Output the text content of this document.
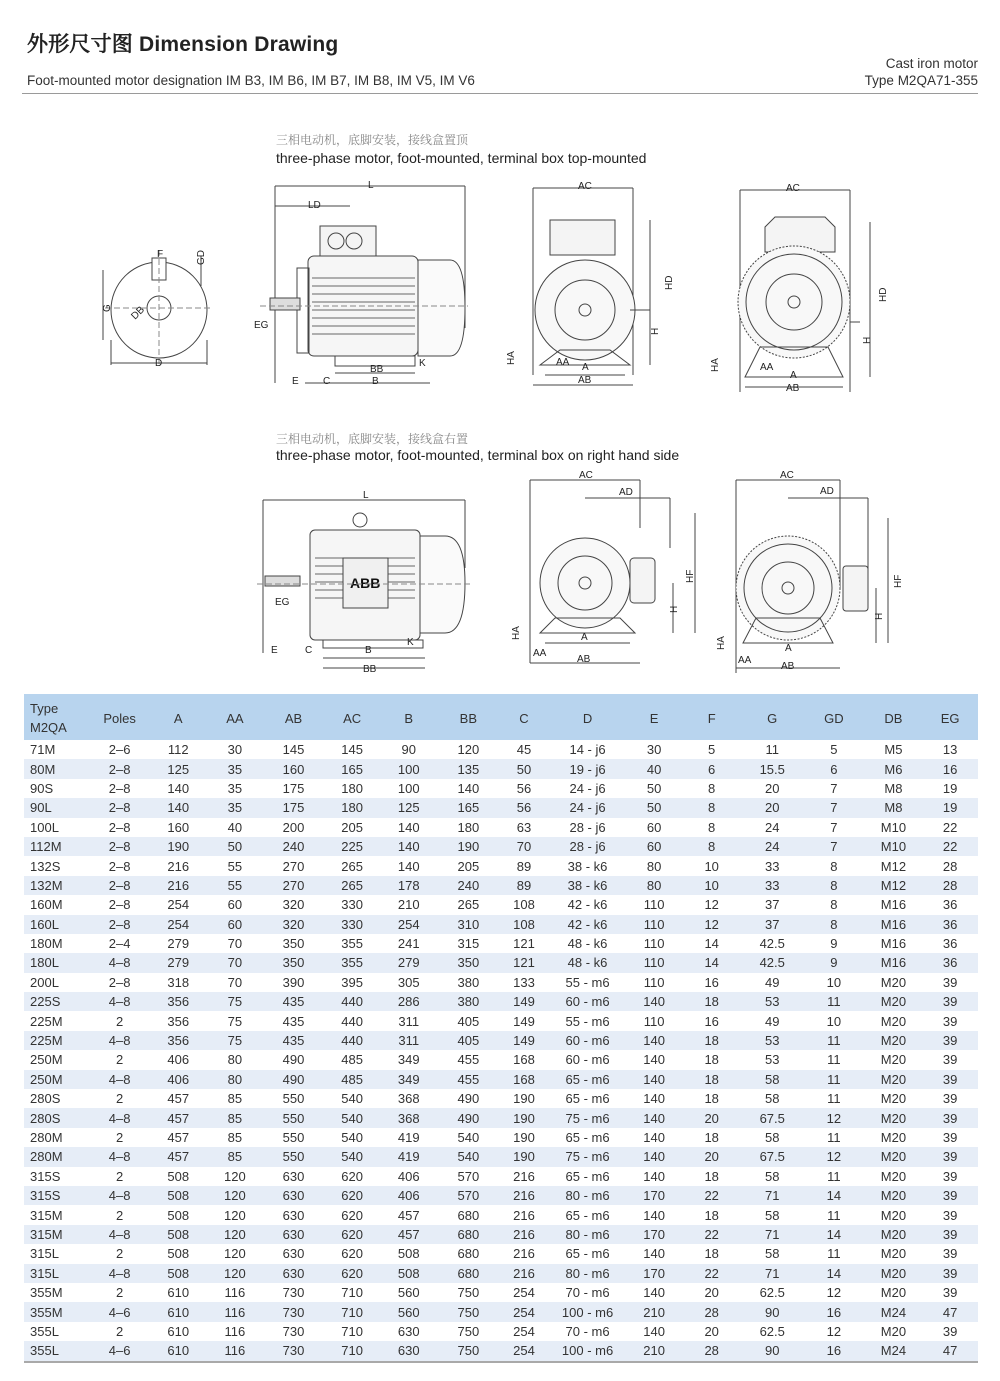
外形尺寸图 Dimension Drawing
Foot-mounted motor designation IM B3, IM B6, IM B7, IM B8, IM V5, IM V6
Cast iron motor
Type M2QA71-355
三相电动机，底脚安装，接线盒置顶
three-phase motor, foot-mounted, terminal box top-mounted
F	GD
G DB
D
L
LD
EG
E C	B
BB
K
AC
HD
H
HA	AA A
AB
AC
HD
H
HA	AA
A
AB
三相电动机，底脚安装，接线盒右置
three-phase motor, foot-mounted, terminal box on right hand side
ABB
L
EG
E	C	B
BB
K
AC
AD
HF
H
HA
AA
A
AB
AC
AD
HF
H
HA
AA
A
AB
Type
M2QA	Poles	A	AA	AB	AC	B	BB	C	D	E	F	G	GD	DB	EG
71M	2–6	112	30	145	145	90	120	45	14 - j6	30	5	11	5	M5	13
80M	2–8	125	35	160	165	100	135	50	19 - j6	40	6	15.5	6	M6	16
90S	2–8	140	35	175	180	100	140	56	24 - j6	50	8	20	7	M8	19
90L	2–8	140	35	175	180	125	165	56	24 - j6	50	8	20	7	M8	19
100L	2–8	160	40	200	205	140	180	63	28 - j6	60	8	24	7	M10	22
112M	2–8	190	50	240	225	140	190	70	28 - j6	60	8	24	7	M10	22
132S	2–8	216	55	270	265	140	205	89	38 - k6	80	10	33	8	M12	28
132M	2–8	216	55	270	265	178	240	89	38 - k6	80	10	33	8	M12	28
160M	2–8	254	60	320	330	210	265	108	42 - k6	110	12	37	8	M16	36
160L	2–8	254	60	320	330	254	310	108	42 - k6	110	12	37	8	M16	36
180M	2–4	279	70	350	355	241	315	121	48 - k6	110	14	42.5	9	M16	36
180L	4–8	279	70	350	355	279	350	121	48 - k6	110	14	42.5	9	M16	36
200L	2–8	318	70	390	395	305	380	133	55 - m6	110	16	49	10	M20	39
225S	4–8	356	75	435	440	286	380	149	60 - m6	140	18	53	11	M20	39
225M	2	356	75	435	440	311	405	149	55 - m6	110	16	49	10	M20	39
225M	4–8	356	75	435	440	311	405	149	60 - m6	140	18	53	11	M20	39
250M	2	406	80	490	485	349	455	168	60 - m6	140	18	53	11	M20	39
250M	4–8	406	80	490	485	349	455	168	65 - m6	140	18	58	11	M20	39
280S	2	457	85	550	540	368	490	190	65 - m6	140	18	58	11	M20	39
280S	4–8	457	85	550	540	368	490	190	75 - m6	140	20	67.5	12	M20	39
280M	2	457	85	550	540	419	540	190	65 - m6	140	18	58	11	M20	39
280M	4–8	457	85	550	540	419	540	190	75 - m6	140	20	67.5	12	M20	39
315S	2	508	120	630	620	406	570	216	65 - m6	140	18	58	11	M20	39
315S	4–8	508	120	630	620	406	570	216	80 - m6	170	22	71	14	M20	39
315M	2	508	120	630	620	457	680	216	65 - m6	140	18	58	11	M20	39
315M	4–8	508	120	630	620	457	680	216	80 - m6	170	22	71	14	M20	39
315L	2	508	120	630	620	508	680	216	65 - m6	140	18	58	11	M20	39
315L	4–8	508	120	630	620	508	680	216	80 - m6	170	22	71	14	M20	39
355M	2	610	116	730	710	560	750	254	70 - m6	140	20	62.5	12	M20	39
355M	4–6	610	116	730	710	560	750	254	100 - m6	210	28	90	16	M24	47
355L	2	610	116	730	710	630	750	254	70 - m6	140	20	62.5	12	M20	39
355L	4–6	610	116	730	710	630	750	254	100 - m6	210	28	90	16	M24	47
